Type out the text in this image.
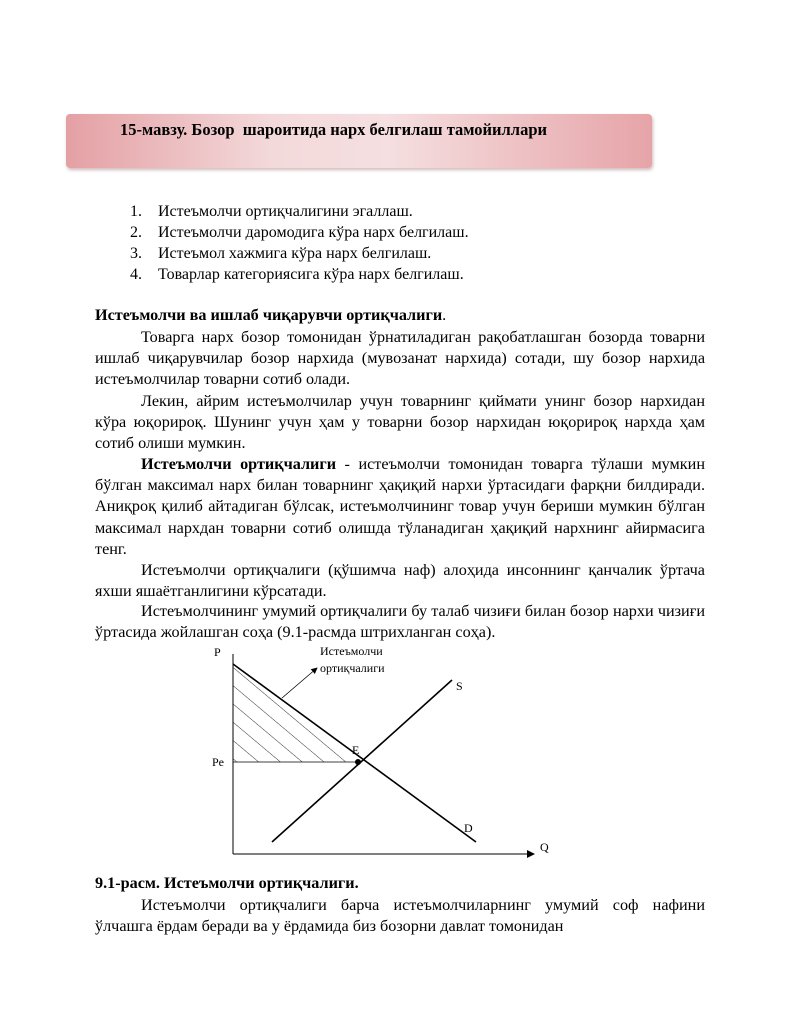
15-мавзу. Бозор  шароитида нарх белгилаш тамойиллари
1. Истеъмолчи ортиқчалигини эгаллаш.
2. Истеъмолчи даромодига кўра нарх белгилаш.
3. Истеъмол хажмига кўра нарх белгилаш.
4. Товарлар категориясига кўра нарх белгилаш.
Истеъмолчи ва ишлаб чиқарувчи ортиқчалиги.

Товарга нарх бозор томонидан ўрнатиладиган рақобатлашган бозорда товарни ишлаб чиқарувчилар бозор нархида (мувозанат нархида) сотади, шу бозор нархида истеъмолчилар товарни сотиб олади.

Лекин, айрим истеъмолчилар учун товарнинг қиймати унинг бозор нархидан кўра юқорироқ. Шунинг учун ҳам у товарни бозор нархидан юқорироқ нархда ҳам сотиб олиши мумкин.

Истеъмолчи ортиқчалиги - истеъмолчи томонидан товарга тўлаши мумкин бўлган максимал нарх билан товарнинг ҳақиқий нархи ўртасидаги фарқни билдиради. Аниқроқ қилиб айтадиган бўлсак, истеъмолчининг товар учун бериши мумкин бўлган максимал нархдан товарни сотиб олишда тўланадиган ҳақиқий нархнинг айирмасига тенг.

Истеъмолчи ортиқчалиги (қўшимча наф) алоҳида инсоннинг қанчалик ўртача яхши яшаётганлигини кўрсатади.

Истеъмолчининг умумий ортиқчалиги бу талаб чизиғи билан бозор нархи чизиғи ўртасида жойлашган соҳа (9.1-расмда штрихланган соҳа).

P
Q
Pe
E
S
D
Истеъмолчи
ортиқчалиги
9.1-расм. Истеъмолчи ортиқчалиги.

Истеъмолчи ортиқчалиги барча истеъмолчиларнинг умумий соф нафини ўлчашга ёрдам беради ва у ёрдамида биз бозорни давлат томонидан
